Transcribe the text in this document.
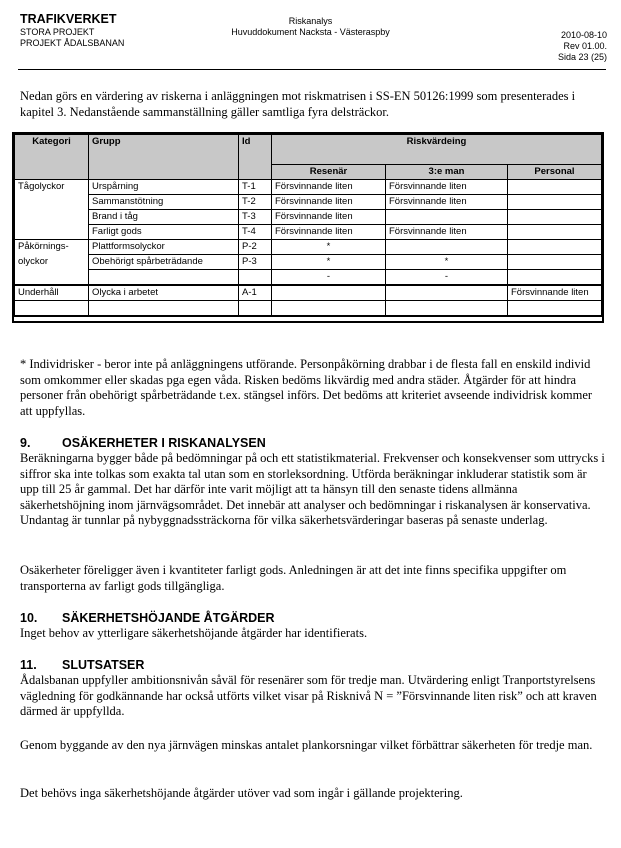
TRAFIKVERKET
STORA PROJEKT
PROJEKT ÅDALSBANAN
Riskanalys
Huvuddokument Nacksta - Västeraspby	2010-08-10
Rev 01.00.
Sida 23 (25)
Nedan görs en värdering av riskerna i anläggningen mot riskmatrisen i SS-EN 50126:1999 som presenterades i kapitel 3. Nedanstående sammanställning gäller samtliga fyra delsträckor.
Kategori	Grupp	Id	Riskvärdeing		
			Resenär	3:e man	Personal
Tågolyckor	Urspårning	T-1	Försvinnande liten	Försvinnande liten	
	Sammanstötning	T-2	Försvinnande liten	Försvinnande liten	
	Brand i tåg	T-3	Försvinnande liten		
	Farligt gods	T-4	Försvinnande liten	Försvinnande liten	
Påkörnings-	Plattformsolyckor	P-2	*		
olyckor	Obehörigt spårbeträdande	P-3	*	*	
			-	-	
Underhåll	Olycka i arbetet	A-1			Försvinnande liten

* Individrisker - beror inte på anläggningens utförande. Personpåkörning drabbar i de flesta fall en enskild individ som omkommer eller skadas pga egen våda. Risken bedöms likvärdig med andra städer. Åtgärder för att hindra personer från obehörigt spårbeträdande t.ex. stängsel införs. Det bedöms att kriteriet avseende individrisk kommer att uppfyllas.
9.	OSÄKERHETER I RISKANALYSEN
Beräkningarna bygger både på bedömningar på och ett statistikmaterial. Frekvenser och konsekvenser som uttrycks i siffror ska inte tolkas som exakta tal utan som en storleksordning. Utförda beräkningar inkluderar statistik som är upp till 25 år gammal. Det har därför inte varit möjligt att ta hänsyn till den senaste tidens allmänna säkerhetshöjning inom järnvägsområdet. Det innebär att analyser och bedömningar i riskanalysen är konservativa. Undantag är tunnlar på nybyggnadssträckorna för vilka säkerhetsvärderingar baseras på senaste underlag.
Osäkerheter föreligger även i kvantiteter farligt gods. Anledningen är att det inte finns specifika uppgifter om transporterna av farligt gods tillgängliga.
10. SÄKERHETSHÖJANDE ÅTGÄRDER
Inget behov av ytterligare säkerhetshöjande åtgärder har identifierats.
11. SLUTSATSER
Ådalsbanan uppfyller ambitionsnivån såväl för resenärer som för tredje man. Utvärdering enligt Tranportstyrelsens vägledning för godkännande har också utförts vilket visar på Risknivå N = ”Försvinnande liten risk” och att kraven därmed är uppfyllda.
Genom byggande av den nya järnvägen minskas antalet plankorsningar vilket förbättrar säkerheten för tredje man.
Det behövs inga säkerhetshöjande åtgärder utöver vad som ingår i gällande projektering.
